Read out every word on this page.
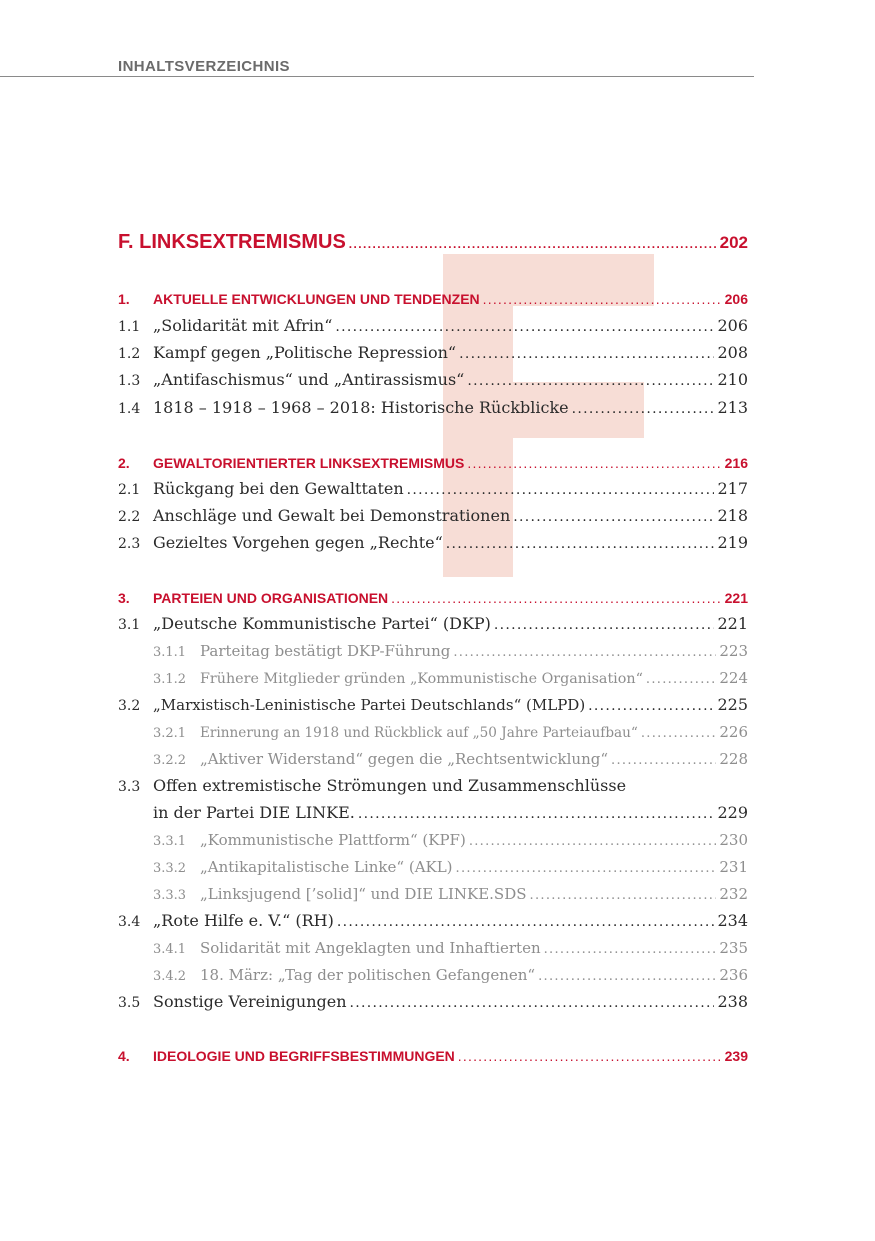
INHALTSVERZEICHNIS
F. LINKSEXTREMISMUS .....	202
1.	AKTUELLE ENTWICKLUNGEN UND TENDENZEN .....	206
1.1 „Solidarität mit Afrin“ .....	206
1.2 Kampf gegen „Politische Repression“ .....	208
1.3 „Antifaschismus“ und „Antirassismus“ .....	210
1.4 1818 – 1918 – 1968 – 2018: Historische Rückblicke .....	213
2.	GEWALTORIENTIERTER LINKSEXTREMISMUS .....	216
2.1 Rückgang bei den Gewalttaten .....	217
2.2 Anschläge und Gewalt bei Demonstrationen .....	218
2.3 Gezieltes Vorgehen gegen „Rechte“ .....	219
3.	PARTEIEN UND ORGANISATIONEN .....	221
3.1 „Deutsche Kommunistische Partei“ (DKP) .....	221
3.1.1 Parteitag bestätigt DKP-Führung .....	223
3.1.2 Frühere Mitglieder gründen „Kommunistische Organisation“ .....	224
3.2 „Marxistisch-Leninistische Partei Deutschlands“ (MLPD) .....	225
3.2.1	Erinnerung an 1918 und Rückblick auf „50 Jahre Parteiaufbau“ .....	226
3.2.2 „Aktiver Widerstand“ gegen die „Rechtsentwicklung“ .....	228
3.3 Offen extremistische Strömungen und Zusammenschlüsse
in der Partei DIE LINKE. .....	229
3.3.1 „Kommunistische Plattform“ (KPF) .....	230
3.3.2 „Antikapitalistische Linke“ (AKL) .....	231
3.3.3 „Linksjugend [’solid]“ und DIE LINKE.SDS .....	232
3.4 „Rote Hilfe e. V.“ (RH) .....	234
3.4.1 Solidarität mit Angeklagten und Inhaftierten .....	235
3.4.2 18. März: „Tag der politischen Gefangenen“ .....	236
3.5 Sonstige Vereinigungen .....	238
4.	IDEOLOGIE UND BEGRIFFSBESTIMMUNGEN .....	239
